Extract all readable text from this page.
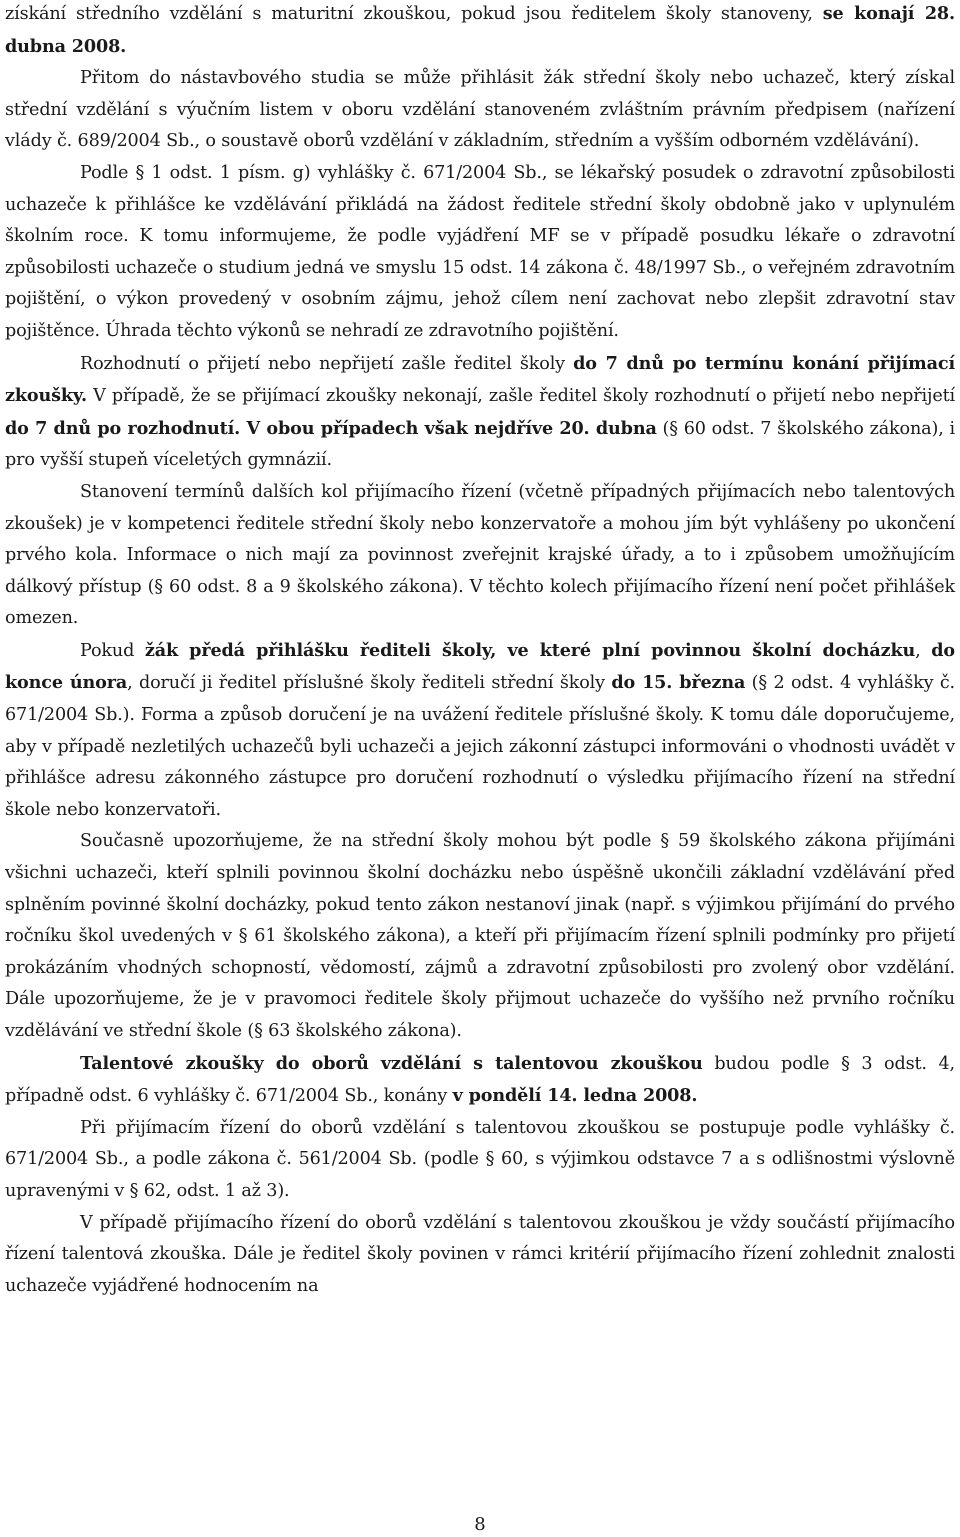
získání středního vzdělání s maturitní zkouškou, pokud jsou ředitelem školy stanoveny, se konají 28. dubna 2008.

Přitom do nástavbového studia se může přihlásit žák střední školy nebo uchazeč, který získal střední vzdělání s výučním listem v oboru vzdělání stanoveném zvláštním právním předpisem (nařízení vlády č. 689/2004 Sb., o soustavě oborů vzdělání v základním, středním a vyšším odborném vzdělávání).

Podle § 1 odst. 1 písm. g) vyhlášky č. 671/2004 Sb., se lékařský posudek o zdravotní způsobilosti uchazeče k přihlášce ke vzdělávání přikládá na žádost ředitele střední školy obdobně jako v uplynulém školním roce. K tomu informujeme, že podle vyjádření MF se v případě posudku lékaře o zdravotní způsobilosti uchazeče o studium jedná ve smyslu 15 odst. 14 zákona č. 48/1997 Sb., o veřejném zdravotním pojištění, o výkon provedený v osobním zájmu, jehož cílem není zachovat nebo zlepšit zdravotní stav pojištěnce. Úhrada těchto výkonů se nehradí ze zdravotního pojištění.

Rozhodnutí o přijetí nebo nepřijetí zašle ředitel školy do 7 dnů po termínu konání přijímací zkoušky. V případě, že se přijímací zkoušky nekonají, zašle ředitel školy rozhodnutí o přijetí nebo nepřijetí do 7 dnů po rozhodnutí. V obou případech však nejdříve 20. dubna (§ 60 odst. 7 školského zákona), i pro vyšší stupeň víceletých gymnázií.

Stanovení termínů dalších kol přijímacího řízení (včetně případných přijímacích nebo talentových zkoušek) je v kompetenci ředitele střední školy nebo konzervatoře a mohou jím být vyhlášeny po ukončení prvého kola. Informace o nich mají za povinnost zveřejnit krajské úřady, a to i způsobem umožňujícím dálkový přístup (§ 60 odst. 8 a 9 školského zákona). V těchto kolech přijímacího řízení není počet přihlášek omezen.

Pokud žák předá přihlášku řediteli školy, ve které plní povinnou školní docházku, do konce února, doručí ji ředitel příslušné školy řediteli střední školy do 15. března (§ 2 odst. 4 vyhlášky č. 671/2004 Sb.). Forma a způsob doručení je na uvážení ředitele příslušné školy. K tomu dále doporučujeme, aby v případě nezletilých uchazečů byli uchazeči a jejich zákonní zástupci informováni o vhodnosti uvádět v přihlášce adresu zákonného zástupce pro doručení rozhodnutí o výsledku přijímacího řízení na střední škole nebo konzervatoři.

Současně upozorňujeme, že na střední školy mohou být podle § 59 školského zákona přijímáni všichni uchazeči, kteří splnili povinnou školní docházku nebo úspěšně ukončili základní vzdělávání před splněním povinné školní docházky, pokud tento zákon nestanoví jinak (např. s výjimkou přijímání do prvého ročníku škol uvedených v § 61 školského zákona), a kteří při přijímacím řízení splnili podmínky pro přijetí prokázáním vhodných schopností, vědomostí, zájmů a zdravotní způsobilosti pro zvolený obor vzdělání. Dále upozorňujeme, že je v pravomoci ředitele školy přijmout uchazeče do vyššího než prvního ročníku vzdělávání ve střední škole (§ 63 školského zákona).

Talentové zkoušky do oborů vzdělání s talentovou zkouškou budou podle § 3 odst. 4, případně odst. 6 vyhlášky č. 671/2004 Sb., konány v pondělí 14. ledna 2008.

Při přijímacím řízení do oborů vzdělání s talentovou zkouškou se postupuje podle vyhlášky č. 671/2004 Sb., a podle zákona č. 561/2004 Sb. (podle § 60, s výjimkou odstavce 7 a s odlišnostmi výslovně upravenými v § 62, odst. 1 až 3).

V případě přijímacího řízení do oborů vzdělání s talentovou zkouškou je vždy součástí přijímacího řízení talentová zkouška. Dále je ředitel školy povinen v rámci kritérií přijímacího řízení zohlednit znalosti uchazeče vyjádřené hodnocením na

8
